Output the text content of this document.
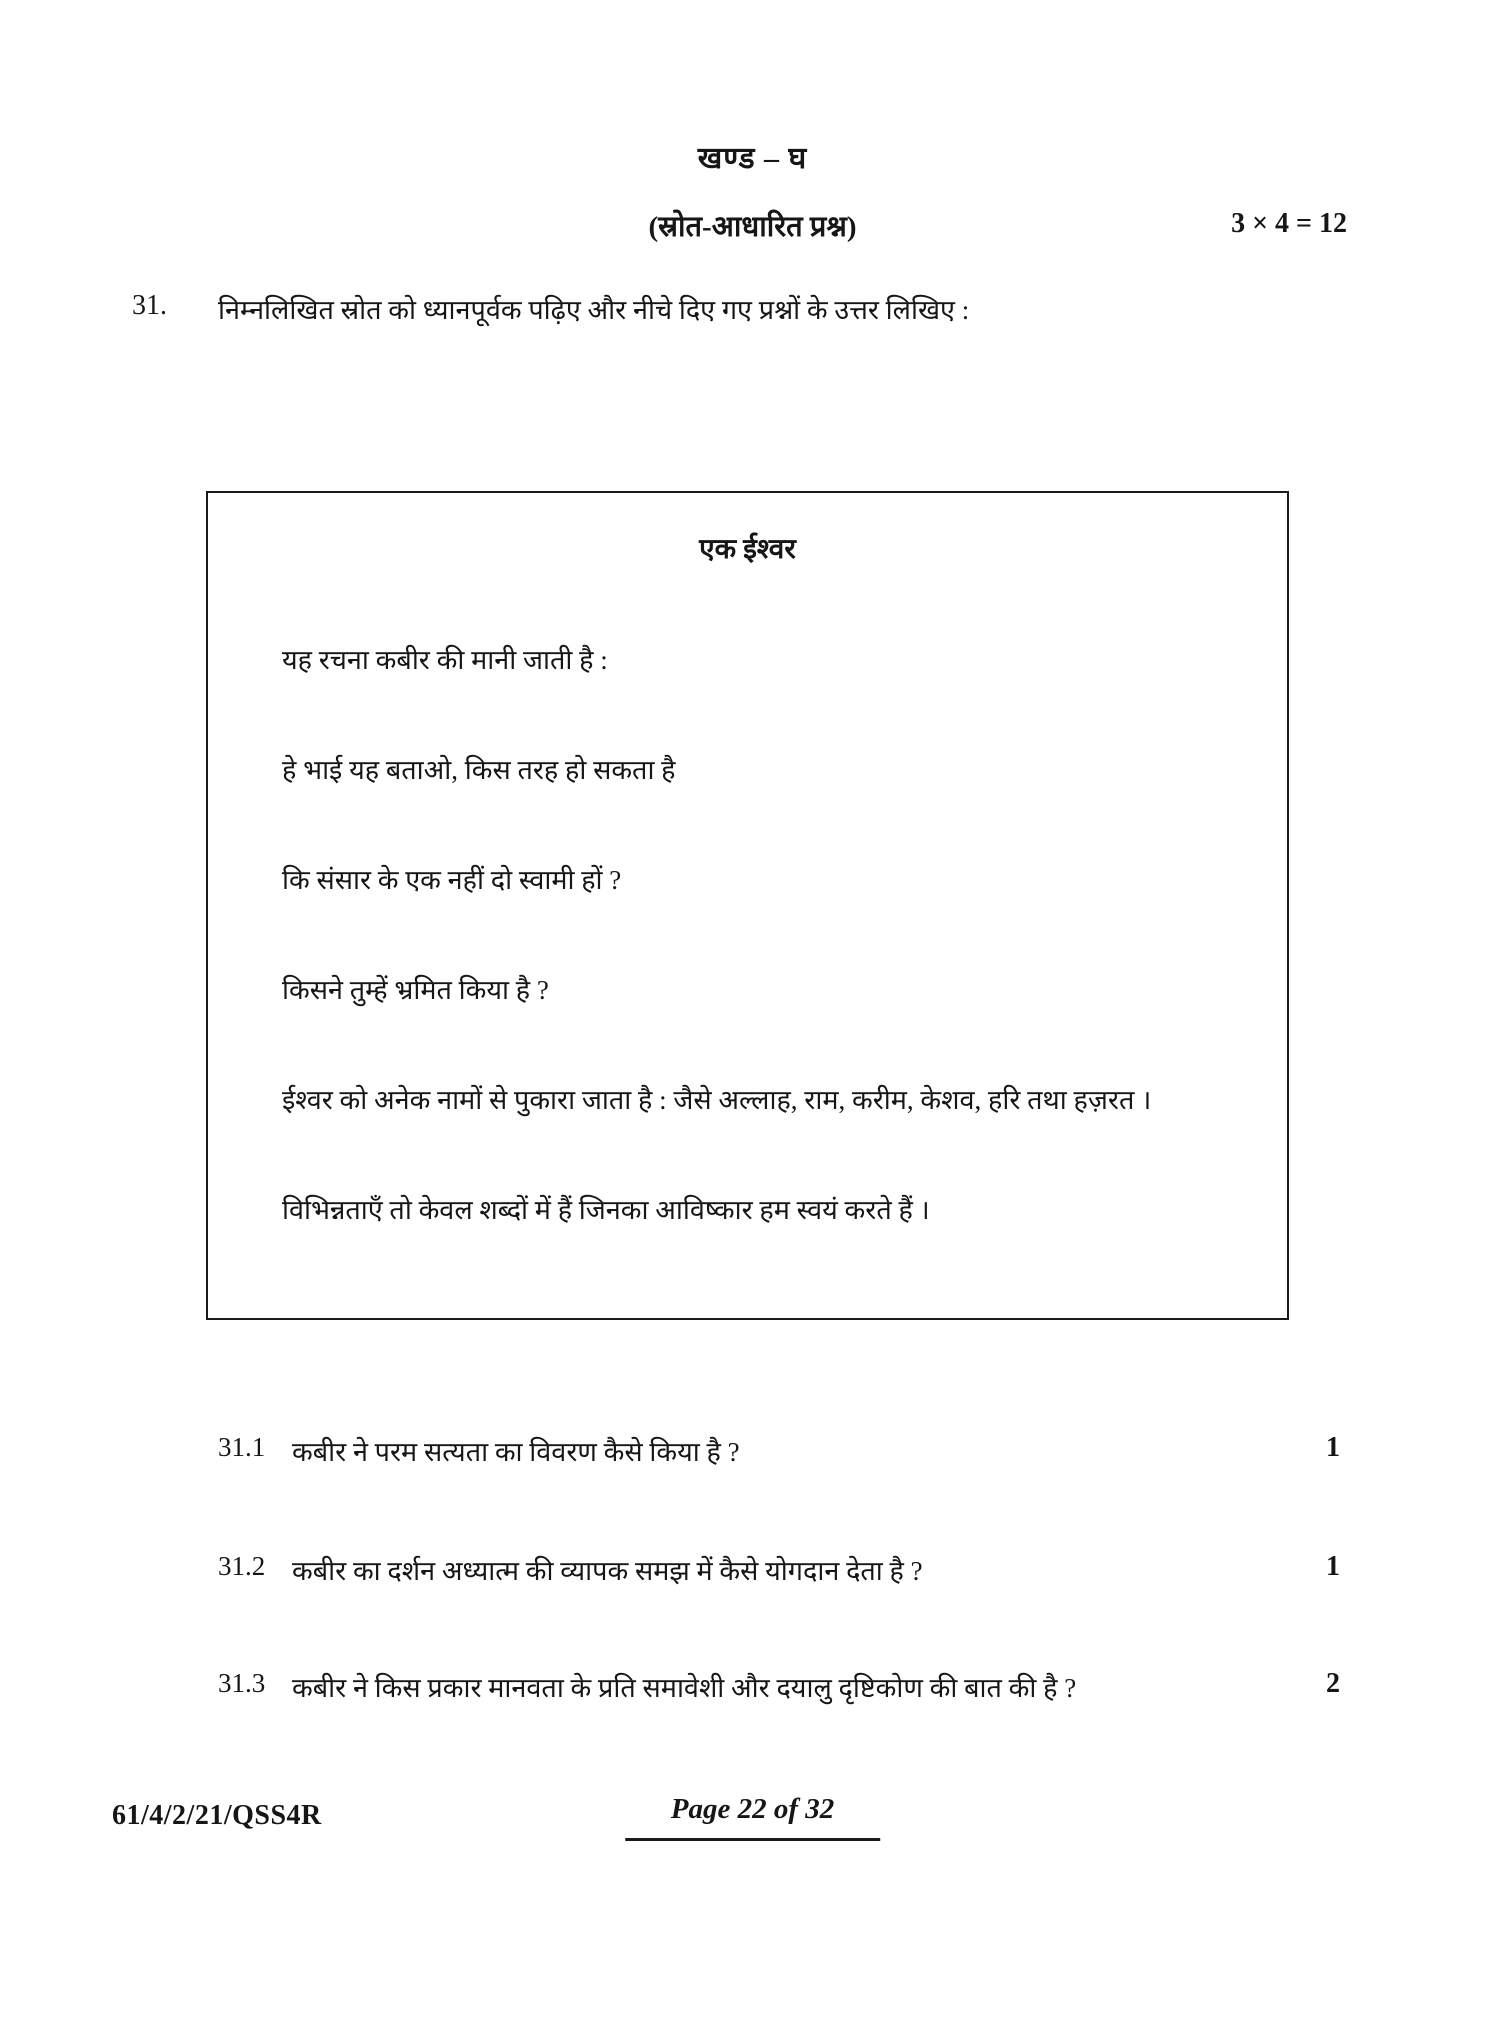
खण्ड – घ
(स्रोत-आधारित प्रश्न)	3 × 4 = 12
31.	निम्नलिखित स्रोत को ध्यानपूर्वक पढ़िए और नीचे दिए गए प्रश्नों के उत्तर लिखिए :
एक ईश्वर
यह रचना कबीर की मानी जाती है :
हे भाई यह बताओ, किस तरह हो सकता है
कि संसार के एक नहीं दो स्वामी हों ?
किसने तुम्हें भ्रमित किया है ?
ईश्वर को अनेक नामों से पुकारा जाता है : जैसे अल्लाह, राम, करीम, केशव, हरि तथा हज़रत ।
विभिन्नताएँ तो केवल शब्दों में हैं जिनका आविष्कार हम स्वयं करते हैं ।
31.1 कबीर ने परम सत्यता का विवरण कैसे किया है ?	1
31.2 कबीर का दर्शन अध्यात्म की व्यापक समझ में कैसे योगदान देता है ?	1
31.3 कबीर ने किस प्रकार मानवता के प्रति समावेशी और दयालु दृष्टिकोण की बात की है ?	2
61/4/2/21/QSS4R	Page 22 of 32
